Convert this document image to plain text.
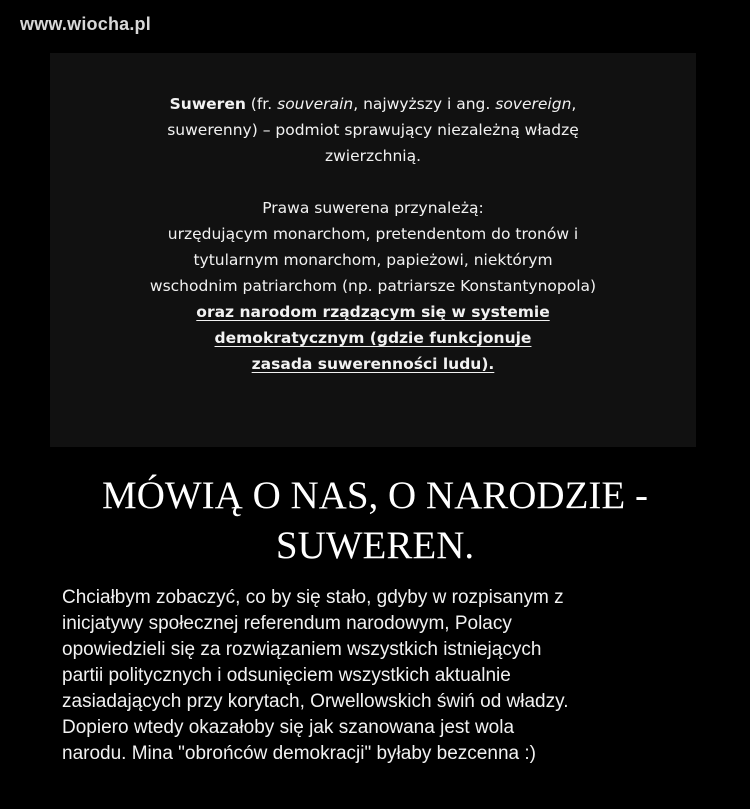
www.wiocha.pl

Suweren (fr. souverain, najwyższy i ang. sovereign,

suwerenny) – podmiot sprawujący niezależną władzę

zwierzchnią.

Prawa suwerena przynależą:

urzędującym monarchom, pretendentom do tronów i

tytularnym monarchom, papieżowi, niektórym

wschodnim patriarchom (np. patriarsze Konstantynopola)

oraz narodom rządzącym się w systemie

demokratycznym (gdzie funkcjonuje

zasada suwerenności ludu).

MÓWIĄ O NAS, O NARODZIE -

SUWEREN.

Chciałbym zobaczyć, co by się stało, gdyby w rozpisanym z

inicjatywy społecznej referendum narodowym, Polacy

opowiedzieli się za rozwiązaniem wszystkich istniejących

partii politycznych i odsunięciem wszystkich aktualnie

zasiadających przy korytach, Orwellowskich świń od władzy.

Dopiero wtedy okazałoby się jak szanowana jest wola

narodu. Mina "obrońców demokracji" byłaby bezcenna :)
